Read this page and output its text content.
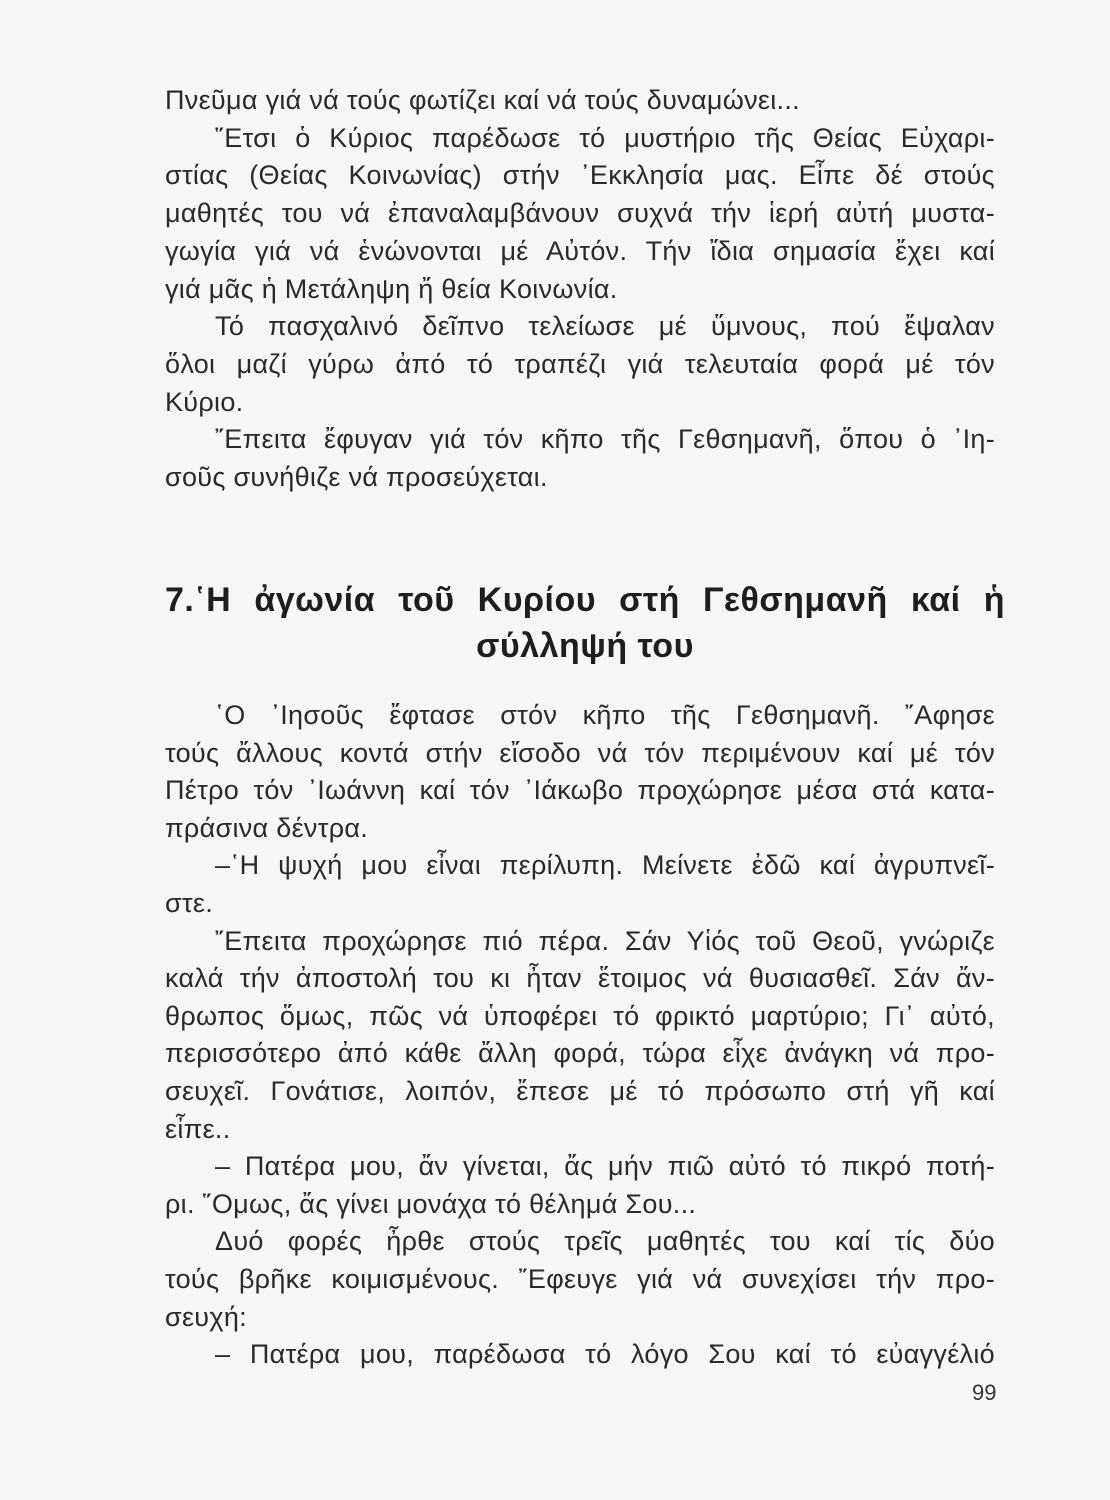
Πνεῦμα γιά νά τούς φωτίζει καί νά τούς δυναμώνει...
῞Ετσι ὁ Κύριος παρέδωσε τό μυστήριο τῆς Θείας Εὐχαρι-
στίας (Θείας Κοινωνίας) στήν ᾽Εκκλησία μας. Εἶπε δέ στούς
μαθητές του νά ἐπαναλαμβάνουν συχνά τήν ἱερή αὐτή μυστα-
γωγία γιά νά ἑνώνονται μέ Αὐτόν. Τήν ἴδια σημασία ἔχει καί
γιά μᾶς ἡ Μετάληψη ἤ θεία Κοινωνία.
Τό πασχαλινό δεῖπνο τελείωσε μέ ὕμνους, πού ἔψαλαν
ὅλοι μαζί γύρω ἀπό τό τραπέζι γιά τελευταία φορά μέ τόν
Κύριο.
῎Επειτα ἔφυγαν γιά τόν κῆπο τῆς Γεθσημανῆ, ὅπου ὁ ᾽Ιη-
σοῦς συνήθιζε νά προσεύχεται.
7.῾Η ἀγωνία τοῦ Κυρίου στή Γεθσημανῆ καί ἡ
σύλληψή του
῾Ο ᾽Ιησοῦς ἔφτασε στόν κῆπο τῆς Γεθσημανῆ. ῎Αφησε
τούς ἄλλους κοντά στήν εἴσοδο νά τόν περιμένουν καί μέ τόν
Πέτρο τόν ᾽Ιωάννη καί τόν ᾽Ιάκωβο προχώρησε μέσα στά κατα-
πράσινα δέντρα.
–῾Η ψυχή μου εἶναι περίλυπη. Μείνετε ἐδῶ καί ἀγρυπνεῖ-
στε.
῎Επειτα προχώρησε πιό πέρα. Σάν Υἱός τοῦ Θεοῦ, γνώριζε
καλά τήν ἀποστολή του κι ἦταν ἕτοιμος νά θυσιασθεῖ. Σάν ἄν-
θρωπος ὅμως, πῶς νά ὑποφέρει τό φρικτό μαρτύριο; Γι᾽ αὐτό,
περισσότερο ἀπό κάθε ἄλλη φορά, τώρα εἶχε ἀνάγκη νά προ-
σευχεῖ. Γονάτισε, λοιπόν, ἔπεσε μέ τό πρόσωπο στή γῆ καί
εἶπε..
– Πατέρα μου, ἄν γίνεται, ἄς μήν πιῶ αὐτό τό πικρό ποτή-
ρι. ῞Ομως, ἄς γίνει μονάχα τό θέλημά Σου...
Δυό φορές ἦρθε στούς τρεῖς μαθητές του καί τίς δύο
τούς βρῆκε κοιμισμένους. ῎Εφευγε γιά νά συνεχίσει τήν προ-
σευχή:
– Πατέρα μου, παρέδωσα τό λόγο Σου καί τό εὐαγγέλιό
99
